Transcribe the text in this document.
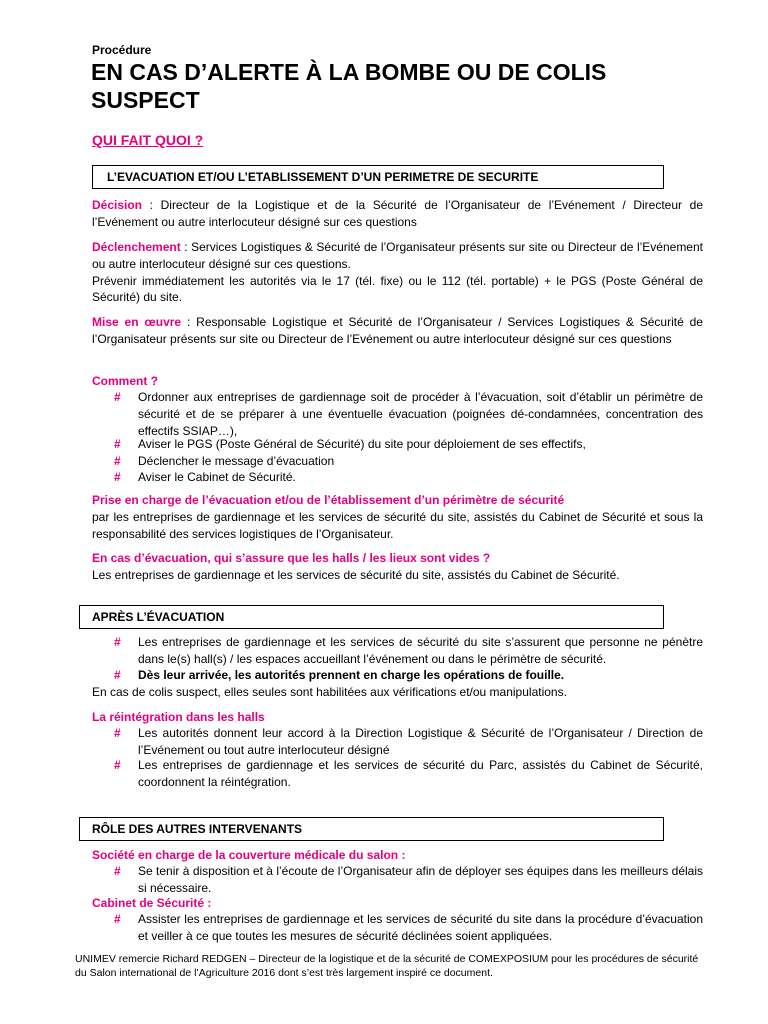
Procédure
EN CAS D’ALERTE À LA BOMBE OU DE COLIS SUSPECT
QUI FAIT QUOI ?
L’EVACUATION ET/OU L’ETABLISSEMENT D’UN PERIMETRE DE SECURITE
Décision : Directeur de la Logistique et de la Sécurité de l’Organisateur de l’Evénement / Directeur de l’Evénement ou autre interlocuteur désigné sur ces questions
Déclenchement : Services Logistiques & Sécurité de l’Organisateur présents sur site ou Directeur de l’Evénement ou autre interlocuteur désigné sur ces questions.
Prévenir immédiatement les autorités via le 17 (tél. fixe) ou le 112 (tél. portable) + le PGS (Poste Général de Sécurité) du site.
Mise en œuvre : Responsable Logistique et Sécurité de l’Organisateur / Services Logistiques & Sécurité de l’Organisateur présents sur site ou Directeur de l’Evénement ou autre interlocuteur désigné sur ces questions
Comment ?
# Ordonner aux entreprises de gardiennage soit de procéder à l’évacuation, soit d’établir un périmètre de sécurité et de se préparer à une éventuelle évacuation (poignées dé-condamnées, concentration des effectifs SSIAP…),
# Aviser le PGS (Poste Général de Sécurité) du site pour déploiement de ses effectifs,
# Déclencher le message d’évacuation
# Aviser le Cabinet de Sécurité.
Prise en charge de l’évacuation et/ou de l’établissement d’un périmètre de sécurité
par les entreprises de gardiennage et les services de sécurité du site, assistés du Cabinet de Sécurité et sous la responsabilité des services logistiques de l’Organisateur.
En cas d’évacuation, qui s’assure que les halls / les lieux sont vides ?
Les entreprises de gardiennage et les services de sécurité du site, assistés du Cabinet de Sécurité.
APRÈS L’ÉVACUATION
# Les entreprises de gardiennage et les services de sécurité du site s’assurent que personne ne pénètre dans le(s) hall(s) / les espaces accueillant l’événement ou dans le périmètre de sécurité.
# Dès leur arrivée, les autorités prennent en charge les opérations de fouille.
En cas de colis suspect, elles seules sont habilitées aux vérifications et/ou manipulations.
La réintégration dans les halls
# Les autorités donnent leur accord à la Direction Logistique & Sécurité de l’Organisateur / Direction de l’Evénement ou tout autre interlocuteur désigné
# Les entreprises de gardiennage et les services de sécurité du Parc, assistés du Cabinet de Sécurité, coordonnent la réintégration.
RÔLE DES AUTRES INTERVENANTS
Société en charge de la couverture médicale du salon :
# Se tenir à disposition et à l’écoute de l’Organisateur afin de déployer ses équipes dans les meilleurs délais si nécessaire.
Cabinet de Sécurité :
# Assister les entreprises de gardiennage et les services de sécurité du site dans la procédure d’évacuation et veiller à ce que toutes les mesures de sécurité déclinées soient appliquées.
UNIMEV remercie Richard REDGEN – Directeur de la logistique et de la sécurité de COMEXPOSIUM pour les procédures de sécurité du Salon international de l’Agriculture 2016 dont s’est très largement inspiré ce document.
